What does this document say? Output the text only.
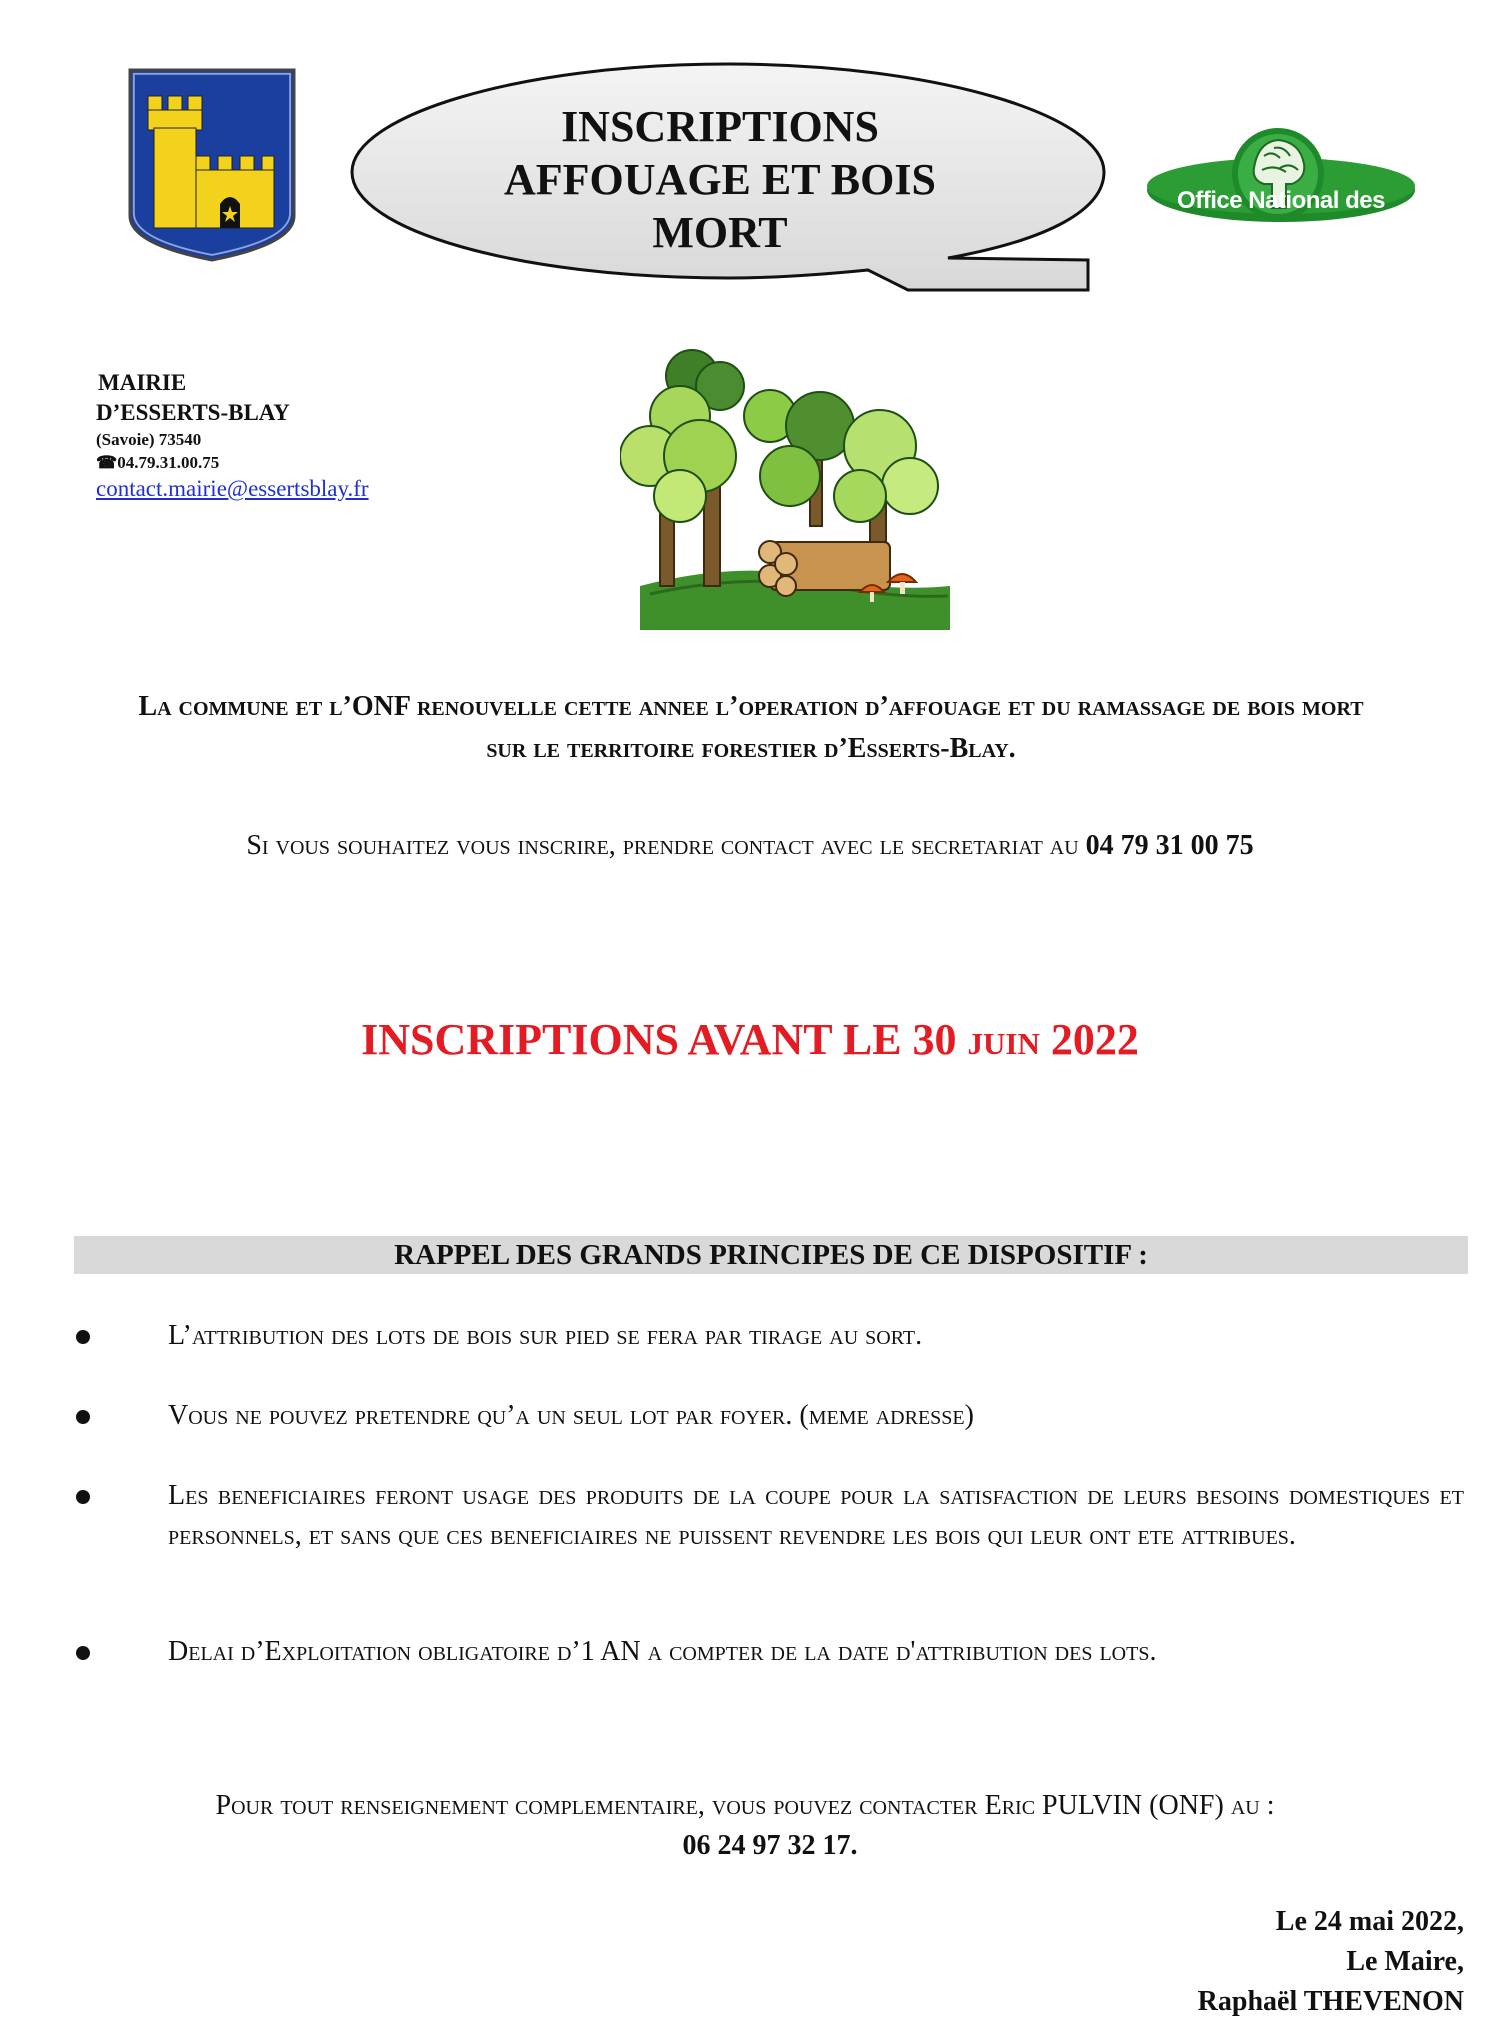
INSCRIPTIONS AFFOUAGE ET BOIS MORT
Office National des Forêts
MAIRIE
D’ESSERTS-BLAY
(Savoie) 73540
☎04.79.31.00.75
contact.mairie@essertsblay.fr
La commune et l’ONF renouvelle cette annee l’operation d’affouage et du ramassage de bois mort sur le territoire forestier d’Esserts-Blay.
Si vous souhaitez vous inscrire, prendre contact avec le secretariat au 04 79 31 00 75
INSCRIPTIONS AVANT LE 30 juin 2022
RAPPEL DES GRANDS PRINCIPES DE CE DISPOSITIF :
L’attribution des lots de bois sur pied se fera par tirage au sort.
Vous ne pouvez pretendre qu’a un seul lot par foyer. (meme adresse)
Les beneficiaires feront usage des produits de la coupe pour la satisfaction de leurs besoins domestiques et personnels, et sans que ces beneficiaires ne puissent revendre les bois qui leur ont ete attribues.
Delai d’Exploitation obligatoire d’1 AN a compter de la date d'attribution des lots.
Pour tout renseignement complementaire, vous pouvez contacter Eric PULVIN (ONF) au :
06 24 97 32 17.
Le 24 mai 2022,
Le Maire,
Raphaël THEVENON
